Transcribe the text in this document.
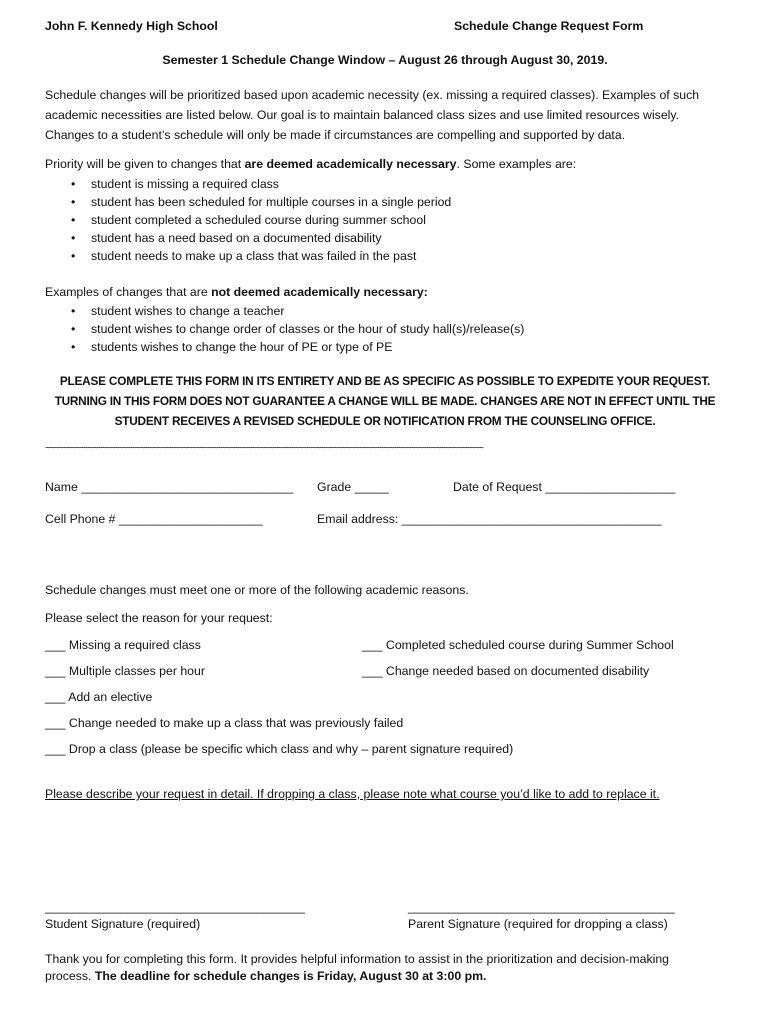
John F. Kennedy High School	Schedule Change Request Form
Semester 1 Schedule Change Window – August 26 through August 30, 2019.
Schedule changes will be prioritized based upon academic necessity (ex. missing a required classes). Examples of such
academic necessities are listed below. Our goal is to maintain balanced class sizes and use limited resources wisely.
Changes to a student’s schedule will only be made if circumstances are compelling and supported by data.
Priority will be given to changes that are deemed academically necessary. Some examples are:
• student is missing a required class
• student has been scheduled for multiple courses in a single period
• student completed a scheduled course during summer school
• student has a need based on a documented disability
• student needs to make up a class that was failed in the past
Examples of changes that are not deemed academically necessary:
• student wishes to change a teacher
• student wishes to change order of classes or the hour of study hall(s)/release(s)
• students wishes to change the hour of PE or type of PE
PLEASE COMPLETE THIS FORM IN ITS ENTIRETY AND BE AS SPECIFIC AS POSSIBLE TO EXPEDITE YOUR REQUEST.
TURNING IN THIS FORM DOES NOT GUARANTEE A CHANGE WILL BE MADE. CHANGES ARE NOT IN EFFECT UNTIL THE
STUDENT RECEIVES A REVISED SCHEDULE OR NOTIFICATION FROM THE COUNSELING OFFICE.
~~~~~~~~~~~~~~~~~~~~~~~~~~~~~~~~~~~~~~~~~~~~~~~~~~~~~~~~~~~~~~~~~~~~~~~~~~~~~~~~~~~~~~~~~~~~~~~~~~~~~~
Name _______________________________ Grade _____	Date of Request ___________________
Cell Phone # _____________________	Email address: ______________________________________
Schedule changes must meet one or more of the following academic reasons.
Please select the reason for your request:
___ Missing a required class	___ Completed scheduled course during Summer School
___ Multiple classes per hour	___ Change needed based on documented disability
___ Add an elective
___ Change needed to make up a class that was previously failed
___ Drop a class (please be specific which class and why – parent signature required)
Please describe your request in detail. If dropping a class, please note what course you’d like to add to replace it.
______________________________________	_______________________________________
Student Signature (required)	Parent Signature (required for dropping a class)
Thank you for completing this form. It provides helpful information to assist in the prioritization and decision-making
process. The deadline for schedule changes is Friday, August 30 at 3:00 pm.
